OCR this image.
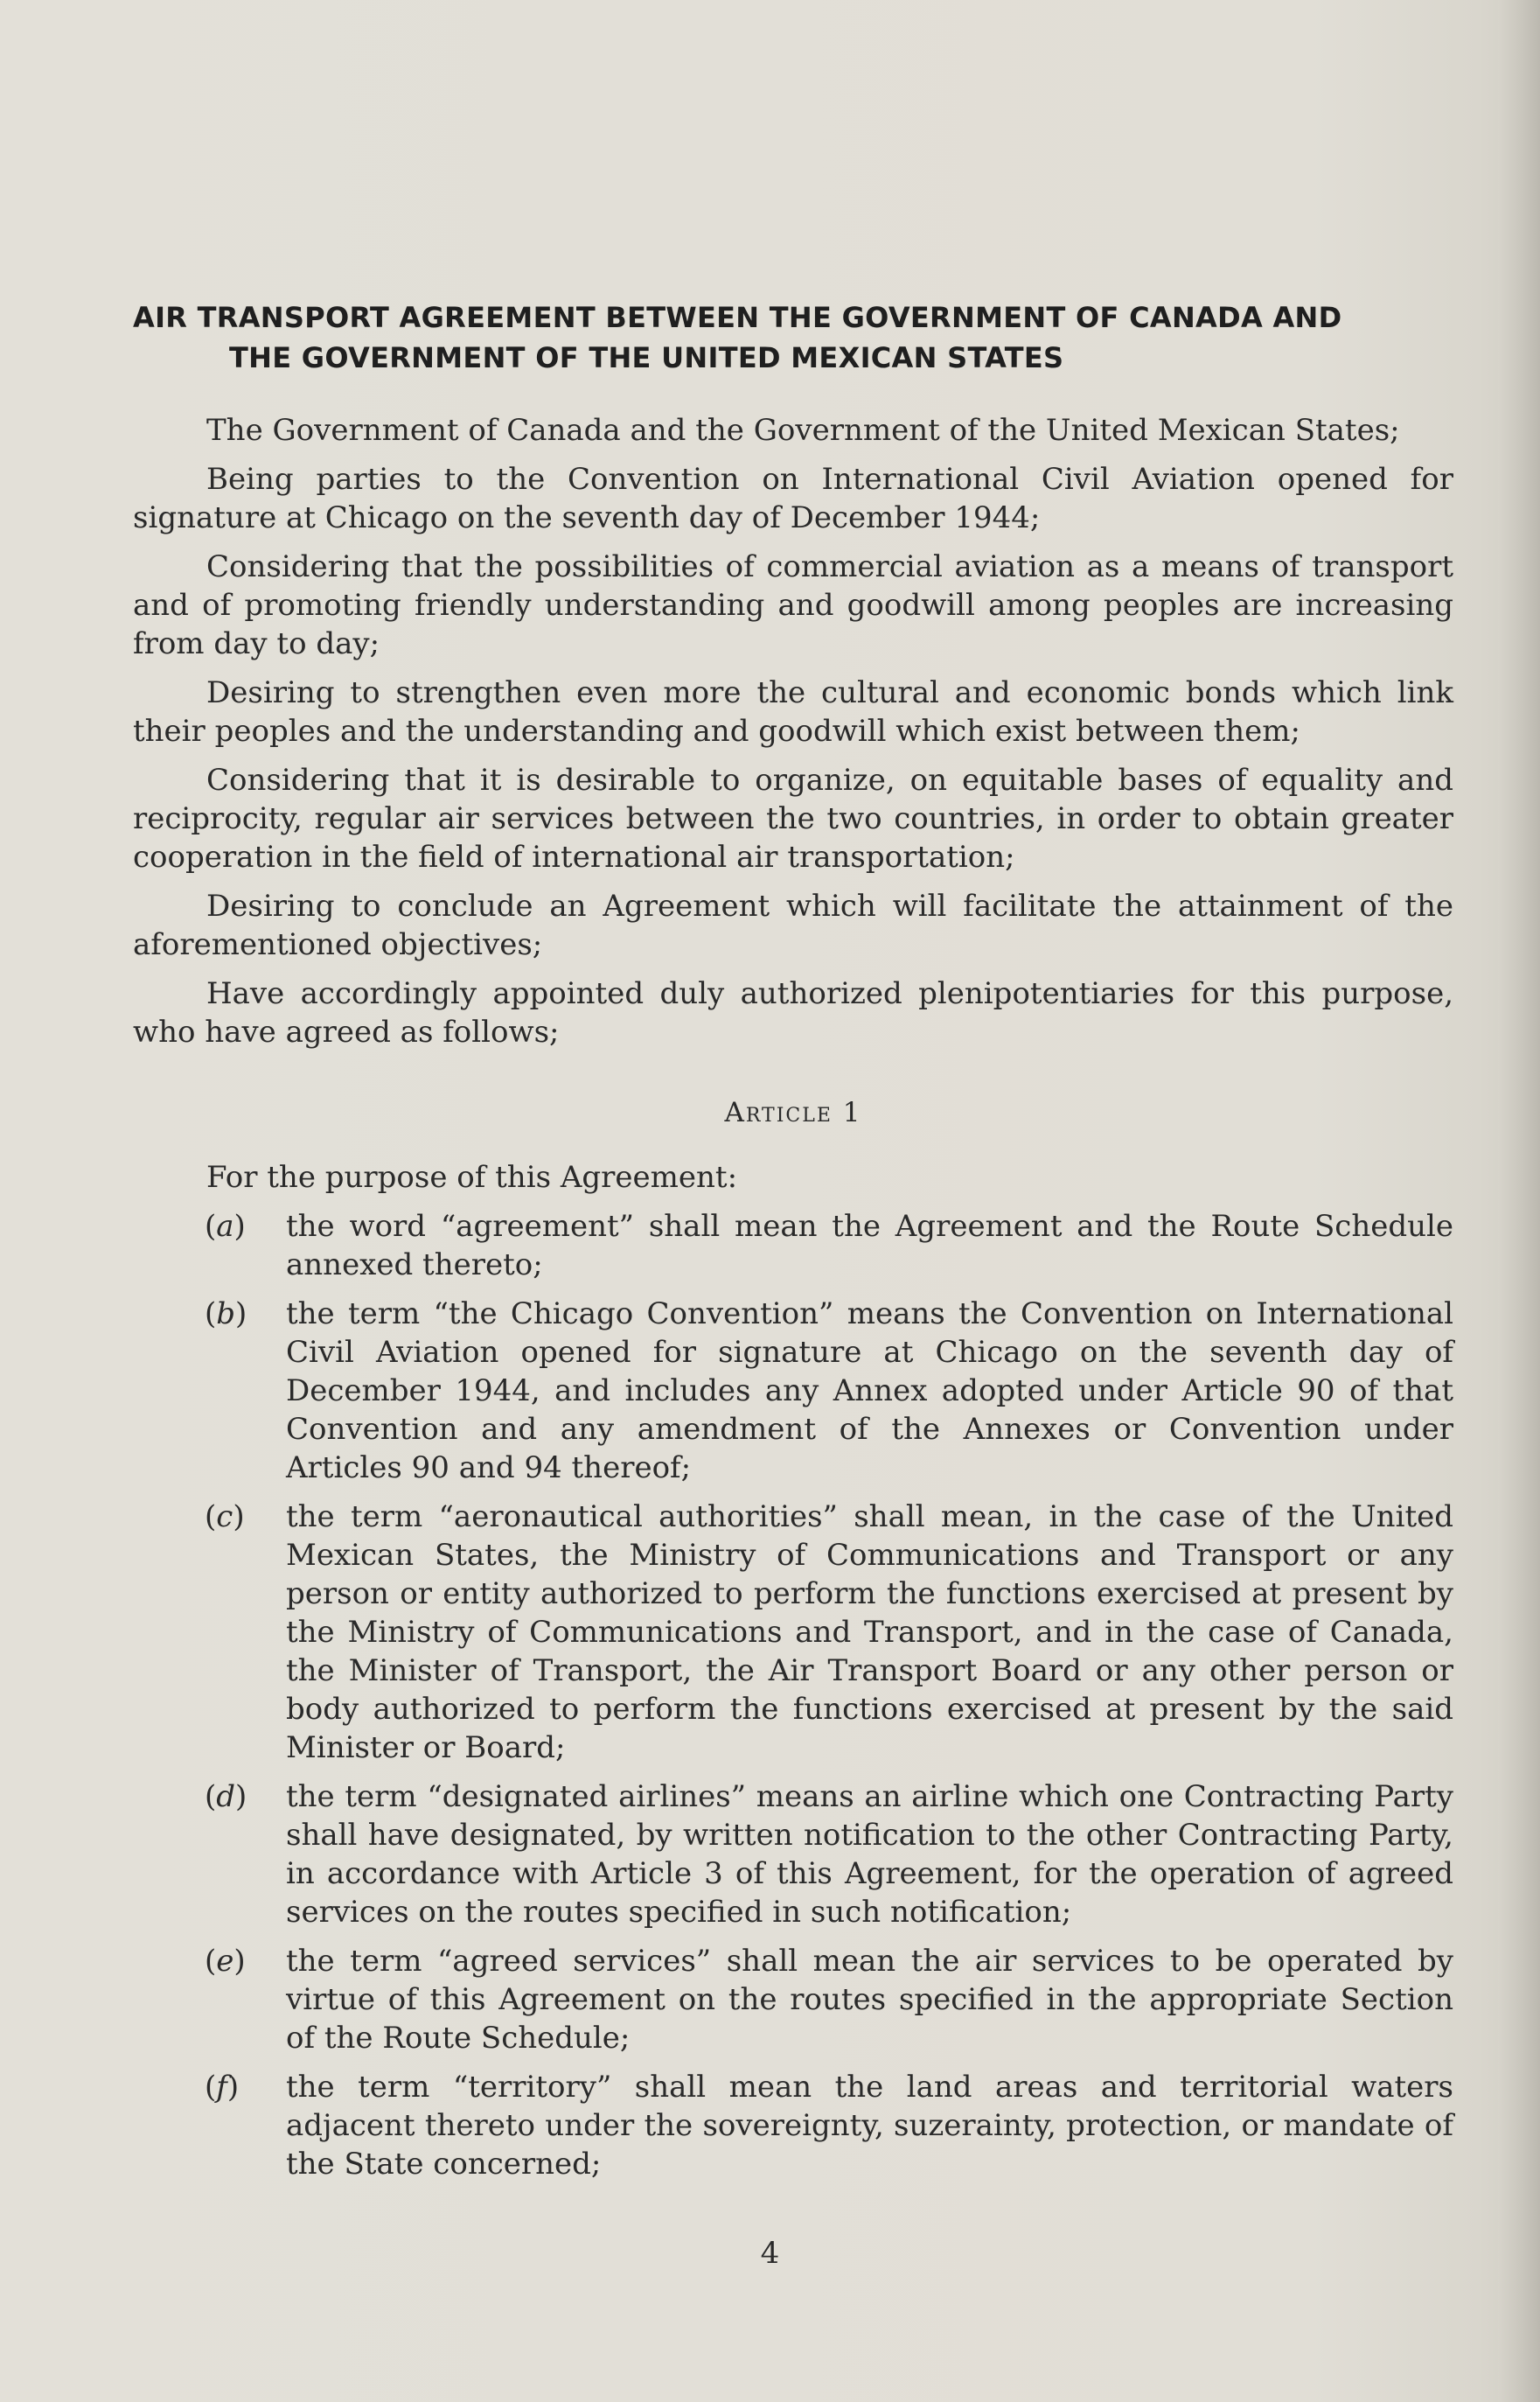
AIR TRANSPORT AGREEMENT BETWEEN THE GOVERNMENT OF CANADA AND
THE GOVERNMENT OF THE UNITED MEXICAN STATES

The Government of Canada and the Government of the United Mexican States;

Being parties to the Convention on International Civil Aviation opened for signature at Chicago on the seventh day of December 1944;

Considering that the possibilities of commercial aviation as a means of transport and of promoting friendly understanding and goodwill among peoples are increasing from day to day;

Desiring to strengthen even more the cultural and economic bonds which link their peoples and the understanding and goodwill which exist between them;

Considering that it is desirable to organize, on equitable bases of equality and reciprocity, regular air services between the two countries, in order to obtain greater cooperation in the field of international air transportation;

Desiring to conclude an Agreement which will facilitate the attainment of the aforementioned objectives;

Have accordingly appointed duly authorized plenipotentiaries for this purpose, who have agreed as follows;

Article 1
For the purpose of this Agreement:
(a) the word “agreement” shall mean the Agreement and the Route Schedule annexed thereto;
(b) the term “the Chicago Convention” means the Convention on International Civil Aviation opened for signature at Chicago on the seventh day of December 1944, and includes any Annex adopted under Article 90 of that Convention and any amendment of the Annexes or Convention under Articles 90 and 94 thereof;
(c) the term “aeronautical authorities” shall mean, in the case of the United Mexican States, the Ministry of Communications and Transport or any person or entity authorized to perform the functions exercised at present by the Ministry of Communications and Transport, and in the case of Canada, the Minister of Transport, the Air Transport Board or any other person or body authorized to perform the functions exercised at present by the said Minister or Board;
(d) the term “designated airlines” means an airline which one Contracting Party shall have designated, by written notification to the other Contracting Party, in accordance with Article 3 of this Agreement, for the operation of agreed services on the routes specified in such notification;
(e) the term “agreed services” shall mean the air services to be operated by virtue of this Agreement on the routes specified in the appropriate Section of the Route Schedule;
(f) the term “territory” shall mean the land areas and territorial waters adjacent thereto under the sovereignty, suzerainty, protection, or mandate of the State concerned;
4
